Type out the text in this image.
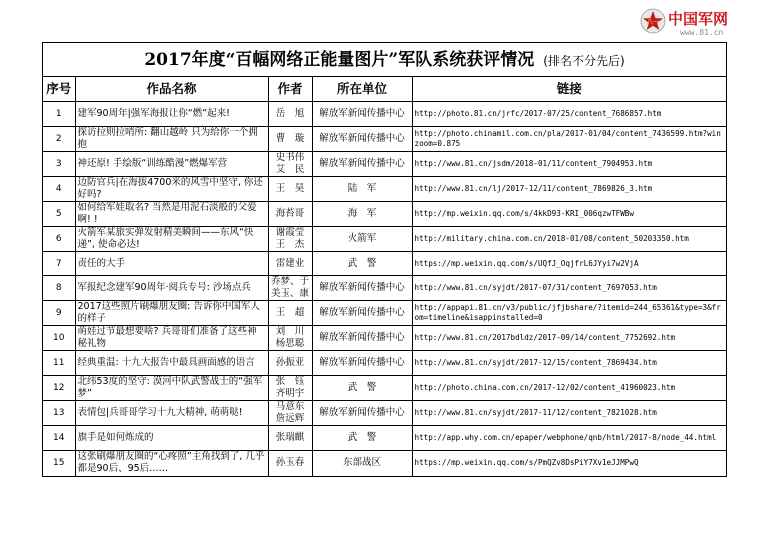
八一 中国军网
www.81.cn
2017年度“百幅网络正能量图片”军队系统获评情况 (排名不分先后)
序号	作品名称	作者	所在单位	链接
1	建军90周年|强军海报让你“燃”起来!	岳　旭	解放军新闻传播中心	http://photo.81.cn/jrfc/2017-07/25/content_7686857.htm
2	探访拉则拉哨所: 翻山越岭 只为给你一个拥抱	曹　璇	解放军新闻传播中心	http://photo.chinamil.com.cn/pla/2017-01/04/content_7436599.htm?winzoom=0.875
3	神还原! 手绘版“训练酷漫”燃爆军营	史书伟
艾　民	解放军新闻传播中心	http://www.81.cn/jsdm/2018-01/11/content_7904953.htm
4	边防官兵|在海拔4700米的风雪中坚守, 你还好吗?	王　昊	陆　军	http://www.81.cn/lj/2017-12/11/content_7869826_3.htm
5	如何给军娃取名? 当然是用泥石淡般的父爱啊! !	海苔哥	海　军	http://mp.weixin.qq.com/s/4kkD93-KRI_006qzwTFWBw
6	火箭军某旅实弹发射精美瞬间——东风“快递”, 使命必达!	谢霞莹
王　杰	火箭军	http://military.china.com.cn/2018-01/08/content_50203350.htm
7	责任的大手	雷建业	武　警	https://mp.weixin.qq.com/s/UQfJ_OqjfrL6JYyi7w2VjA
8	军报纪念建军90周年·阅兵专号: 沙场点兵	乔梦、于美玉、康	解放军新闻传播中心	http://www.81.cn/syjdt/2017-07/31/content_7697053.htm
9	2017这些照片刷爆朋友圈: 告诉你中国军人的样子	王　超	解放军新闻传播中心	http://appapi.81.cn/v3/public/jfjbshare/?itemid=244_65361&type=3&from=timeline&isappinstalled=0
10	萌娃过节最想要啥? 兵哥哥们准备了这些神秘礼物	刘　川
杨思聪	解放军新闻传播中心	http://www.81.cn/2017bdldz/2017-09/14/content_7752692.htm
11	经典重温: 十九大报告中最具画面感的语言	孙振亚	解放军新闻传播中心	http://www.81.cn/syjdt/2017-12/15/content_7869434.htm
12	北纬53度的坚守: 漠河中队武警战士的“强军梦”	张　钰
齐明宇	武　警	http://photo.china.com.cn/2017-12/02/content_41960023.htm
13	表情包|兵哥哥学习十九大精神, 萌萌哒!	马意东
詹远辉	解放军新闻传播中心	http://www.81.cn/syjdt/2017-11/12/content_7821028.htm
14	旗手是如何炼成的	张瑞麒	武　警	http://app.why.com.cn/epaper/webphone/qnb/html/2017-8/node_44.html
15	这张刷爆朋友圈的“心疼照”主角找到了, 几乎都是90后、95后……	孙玉春	东部战区	https://mp.weixin.qq.com/s/PmQZv8DsPiY7Xv1eJJMPwQ
